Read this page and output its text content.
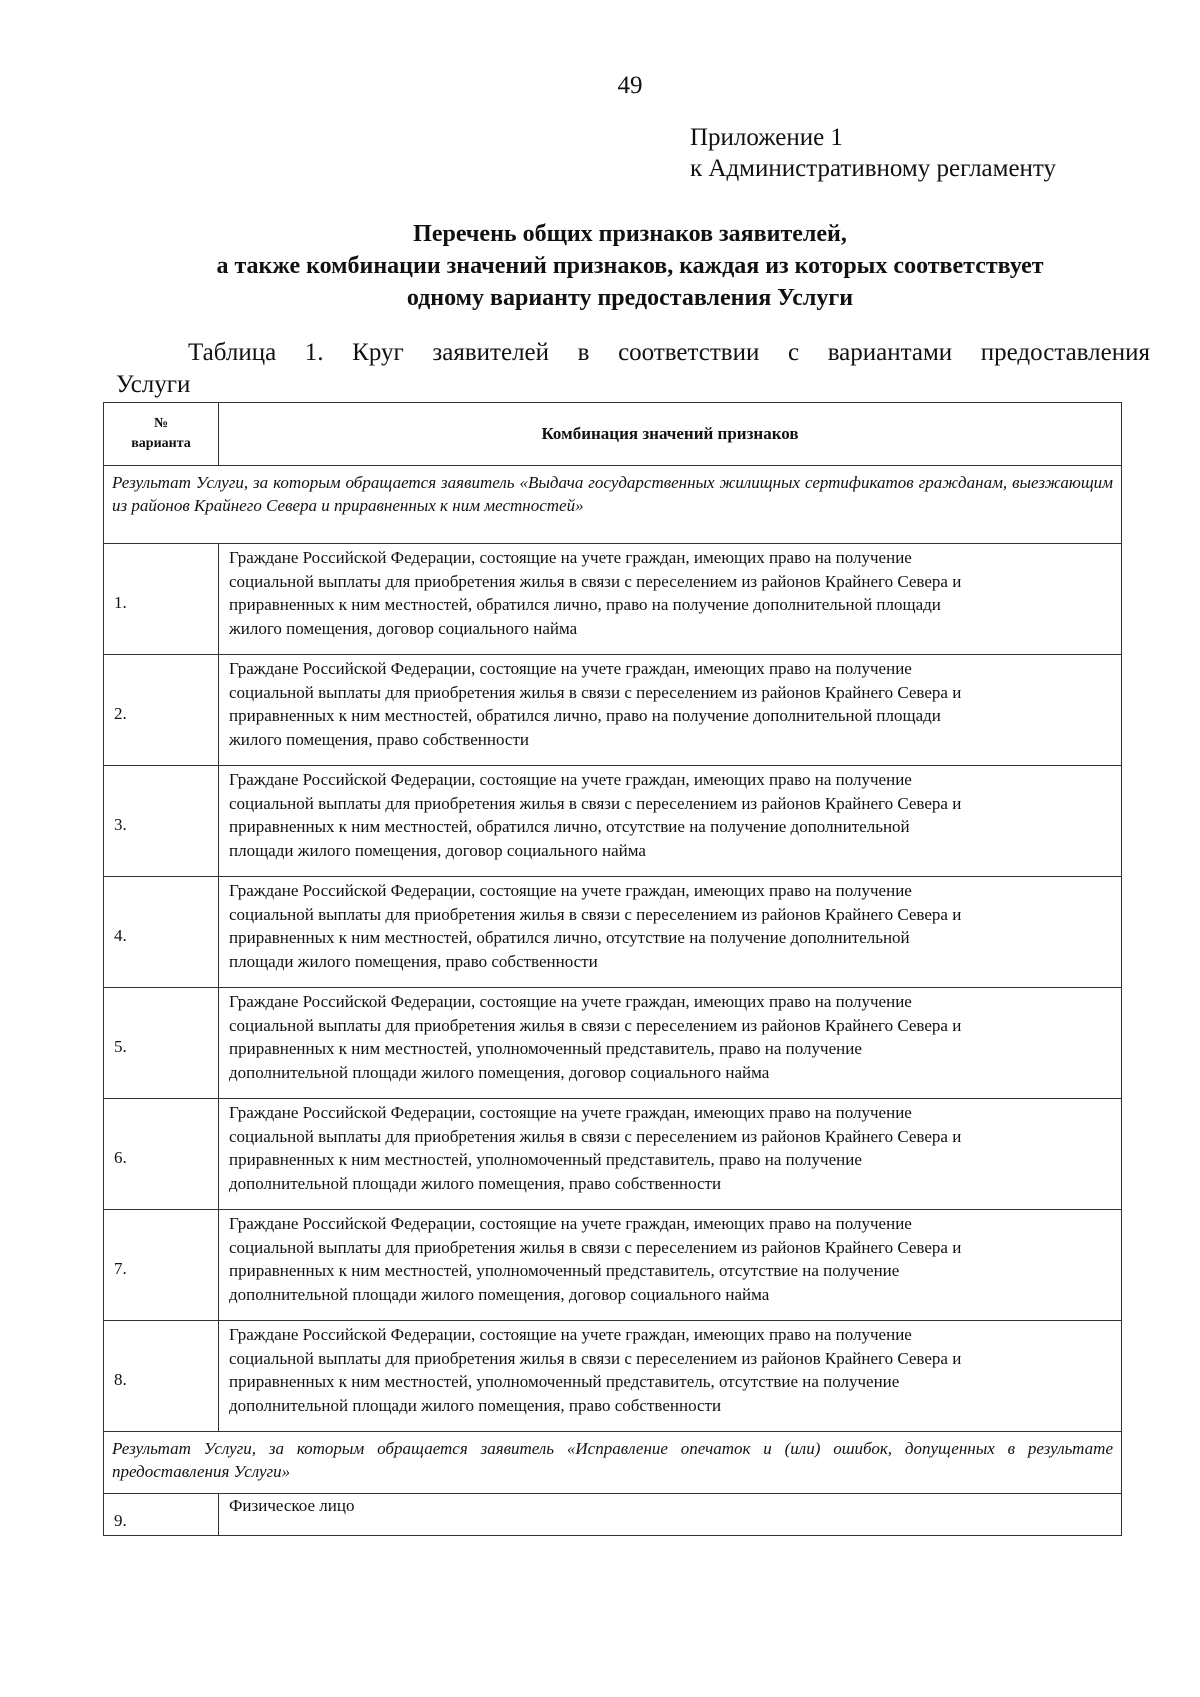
49
Приложение 1
к Административному регламенту
Перечень общих признаков заявителей,
а также комбинации значений признаков, каждая из которых соответствует
одному варианту предоставления Услуги
Таблица 1. Круг заявителей в соответствии с вариантами предоставления
Услуги
№
варианта	Комбинация значений признаков
Результат Услуги, за которым обращается заявитель «Выдача государственных жилищных сертификатов гражданам, выезжающим из районов Крайнего Севера и приравненных к ним местностей»	
1.	Граждане Российской Федерации, состоящие на учете граждан, имеющих право на получение
социальной выплаты для приобретения жилья в связи с переселением из районов Крайнего Севера и
приравненных к ним местностей, обратился лично, право на получение дополнительной площади
жилого помещения, договор социального найма

2.	Граждане Российской Федерации, состоящие на учете граждан, имеющих право на получение
социальной выплаты для приобретения жилья в связи с переселением из районов Крайнего Севера и
приравненных к ним местностей, обратился лично, право на получение дополнительной площади
жилого помещения, право собственности

3.	Граждане Российской Федерации, состоящие на учете граждан, имеющих право на получение
социальной выплаты для приобретения жилья в связи с переселением из районов Крайнего Севера и
приравненных к ним местностей, обратился лично, отсутствие на получение дополнительной
площади жилого помещения, договор социального найма

4.	Граждане Российской Федерации, состоящие на учете граждан, имеющих право на получение
социальной выплаты для приобретения жилья в связи с переселением из районов Крайнего Севера и
приравненных к ним местностей, обратился лично, отсутствие на получение дополнительной
площади жилого помещения, право собственности

5.	Граждане Российской Федерации, состоящие на учете граждан, имеющих право на получение
социальной выплаты для приобретения жилья в связи с переселением из районов Крайнего Севера и
приравненных к ним местностей, уполномоченный представитель, право на получение
дополнительной площади жилого помещения, договор социального найма

6.	Граждане Российской Федерации, состоящие на учете граждан, имеющих право на получение
социальной выплаты для приобретения жилья в связи с переселением из районов Крайнего Севера и
приравненных к ним местностей, уполномоченный представитель, право на получение
дополнительной площади жилого помещения, право собственности

7.	Граждане Российской Федерации, состоящие на учете граждан, имеющих право на получение
социальной выплаты для приобретения жилья в связи с переселением из районов Крайнего Севера и
приравненных к ним местностей, уполномоченный представитель, отсутствие на получение
дополнительной площади жилого помещения, договор социального найма

8.	Граждане Российской Федерации, состоящие на учете граждан, имеющих право на получение
социальной выплаты для приобретения жилья в связи с переселением из районов Крайнего Севера и
приравненных к ним местностей, уполномоченный представитель, отсутствие на получение
дополнительной площади жилого помещения, право собственности

Результат Услуги, за которым обращается заявитель «Исправление опечаток и (или) ошибок, допущенных в результате предоставления Услуги»	
9.	Физическое лицо
